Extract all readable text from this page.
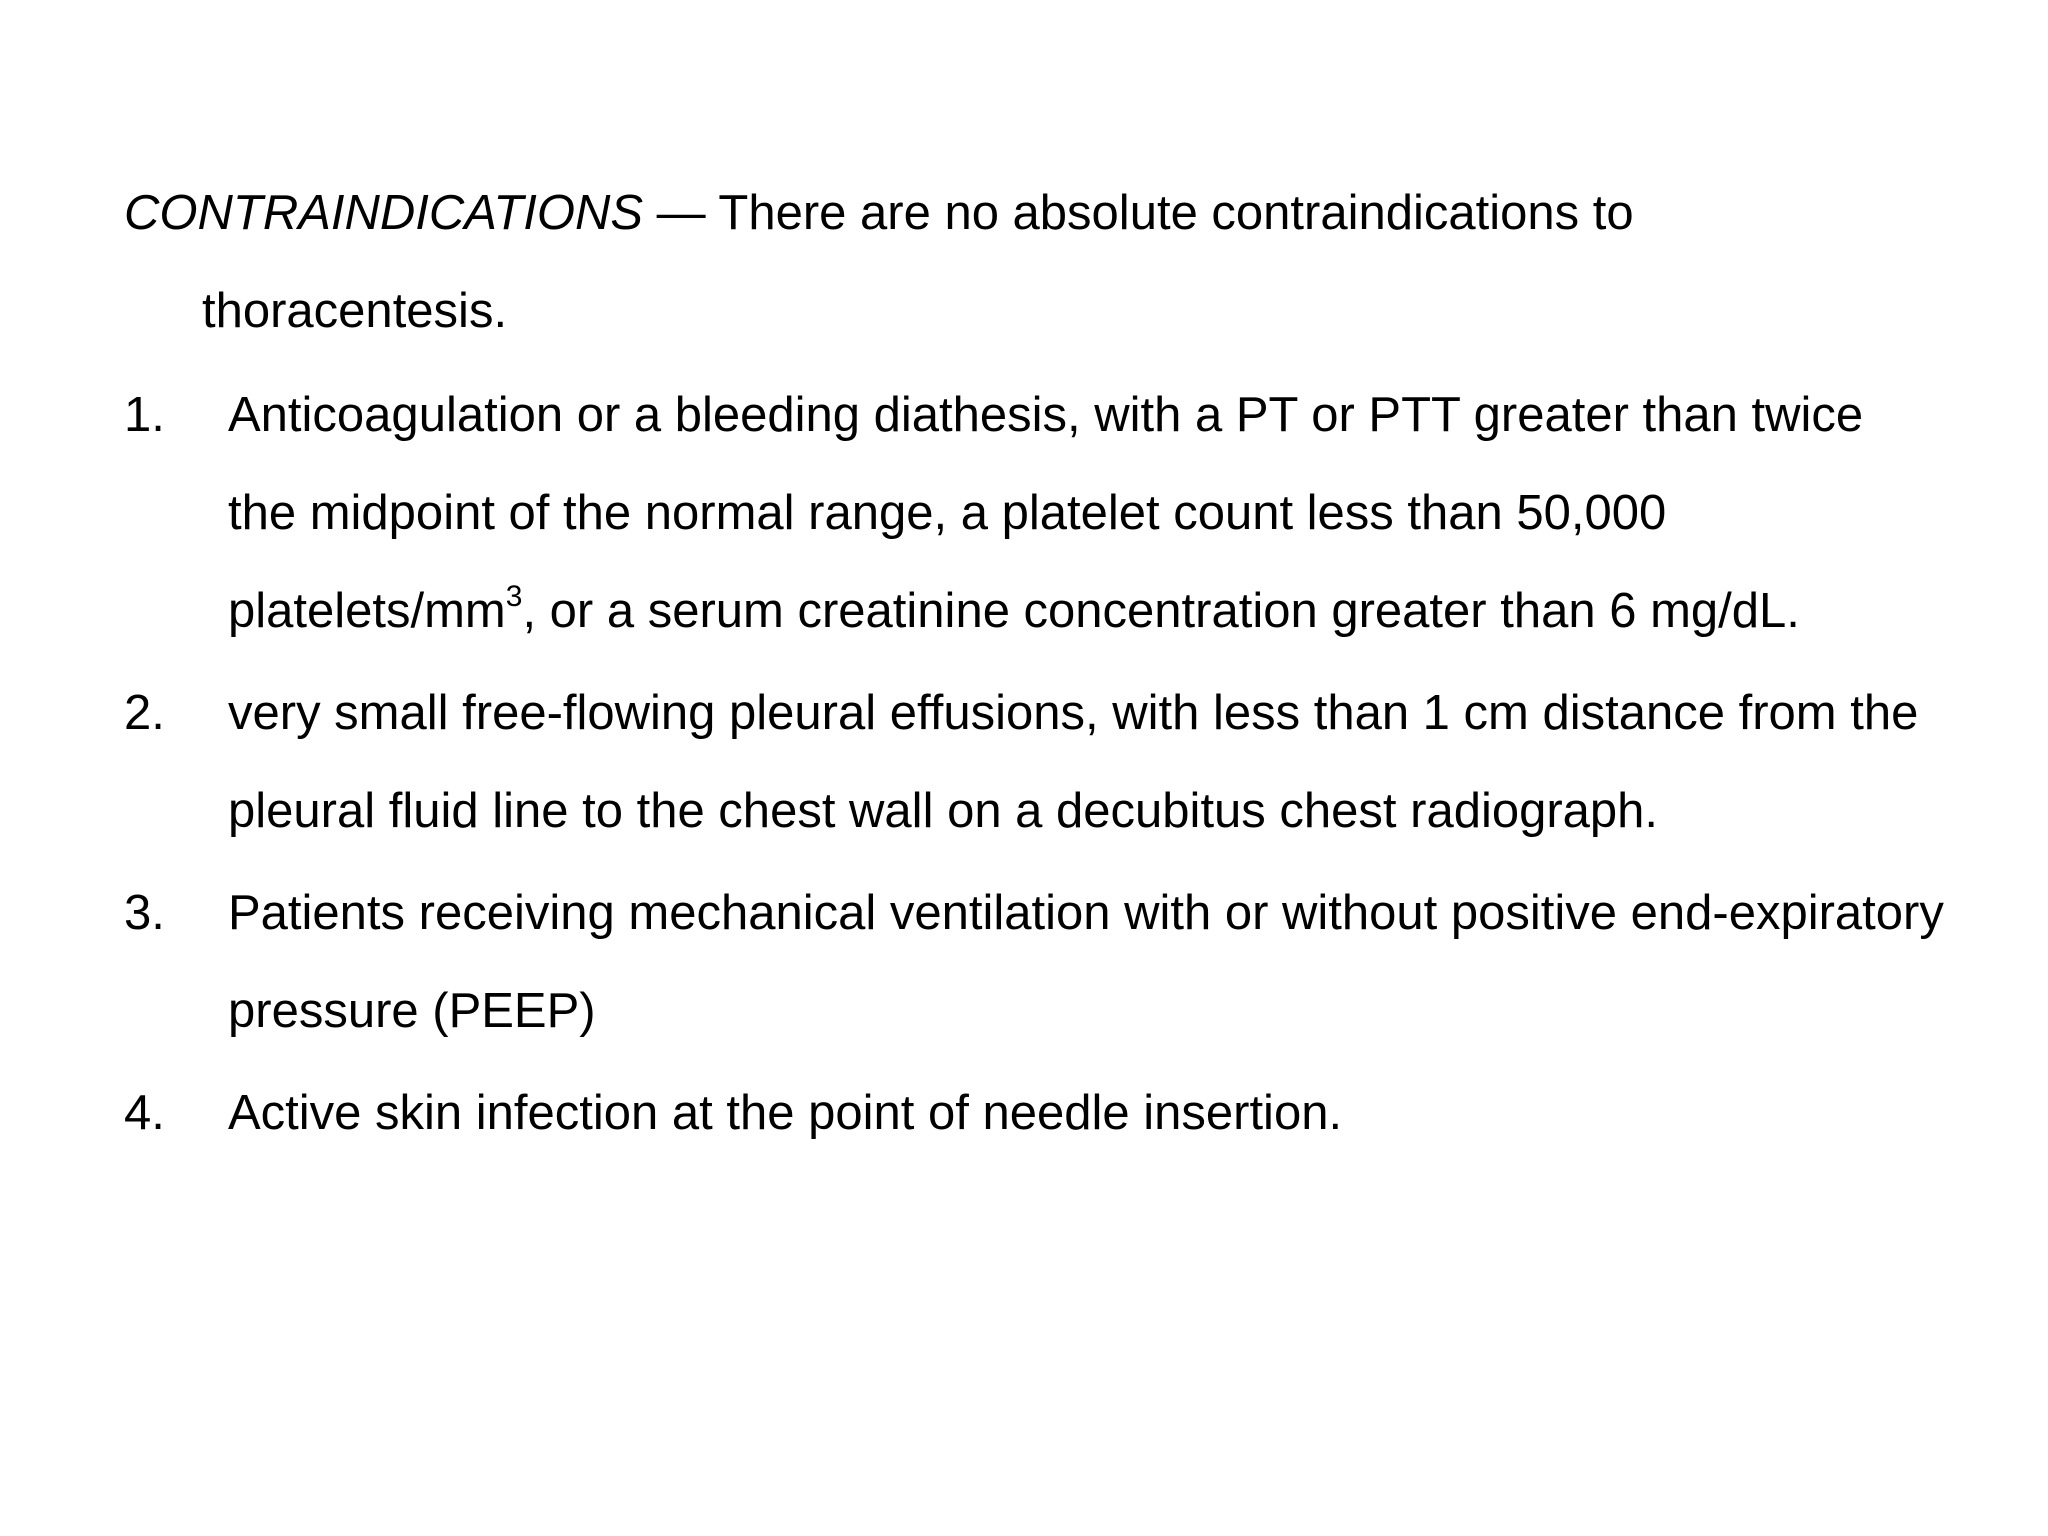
CONTRAINDICATIONS — There are no absolute contraindications to thoracentesis.

1. Anticoagulation or a bleeding diathesis, with a PT or PTT greater than twice the midpoint of the normal range, a platelet count less than 50,000 platelets/$mm^3$, or a serum creatinine concentration greater than 6 mg/dL.
2. very small free-flowing pleural effusions, with less than 1 cm distance from the pleural fluid line to the chest wall on a decubitus chest radiograph.
3. Patients receiving mechanical ventilation with or without positive end-expiratory pressure (PEEP)
4. Active skin infection at the point of needle insertion.
